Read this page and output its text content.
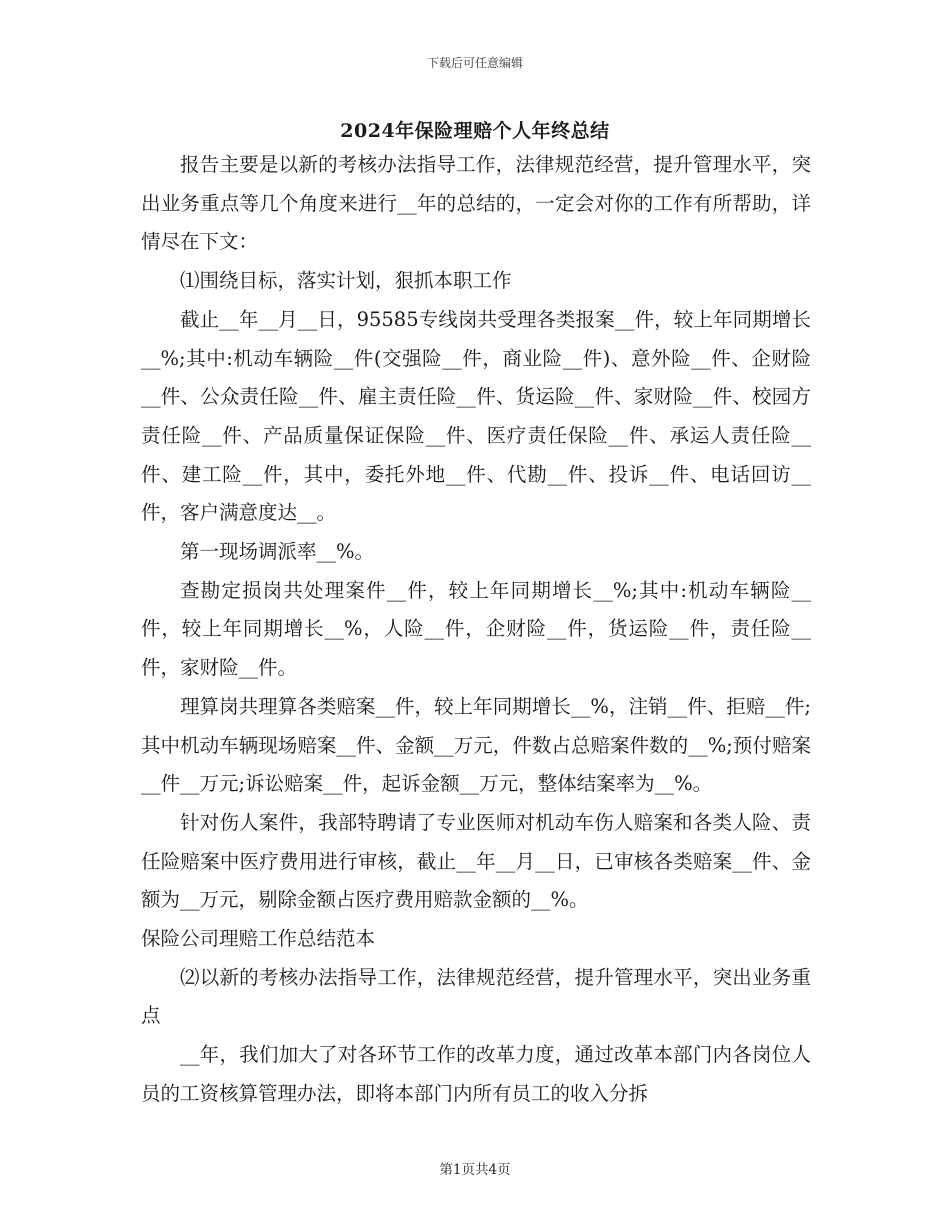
下载后可任意编辑
2024年保险理赔个人年终总结

报告主要是以新的考核办法指导工作，法律规范经营，提升管理水平，突出业务重点等几个角度来进行__年的总结的，一定会对你的工作有所帮助，详情尽在下文：

⑴围绕目标，落实计划，狠抓本职工作

截止__年__月__日，95585专线岗共受理各类报案__件，较上年同期增长__%;其中:机动车辆险__件(交强险__件，商业险__件)、意外险__件、企财险__件、公众责任险__件、雇主责任险__件、货运险__件、家财险__件、校园方责任险__件、产品质量保证保险__件、医疗责任保险__件、承运人责任险__件、建工险__件，其中，委托外地__件、代勘__件、投诉__件、电话回访__件，客户满意度达__。

第一现场调派率__%。

查勘定损岗共处理案件__件，较上年同期增长__%;其中:机动车辆险__件，较上年同期增长__%，人险__件，企财险__件，货运险__件，责任险__件，家财险__件。

理算岗共理算各类赔案__件，较上年同期增长__%，注销__件、拒赔__件;其中机动车辆现场赔案__件、金额__万元，件数占总赔案件数的__%;预付赔案__件__万元;诉讼赔案__件，起诉金额__万元，整体结案率为__%。

针对伤人案件，我部特聘请了专业医师对机动车伤人赔案和各类人险、责任险赔案中医疗费用进行审核，截止__年__月__日，已审核各类赔案__件、金额为__万元，剔除金额占医疗费用赔款金额的__%。

保险公司理赔工作总结范本

⑵以新的考核办法指导工作，法律规范经营，提升管理水平，突出业务重点

__年，我们加大了对各环节工作的改革力度，通过改革本部门内各岗位人员的工资核算管理办法，即将本部门内所有员工的收入分拆

第1页共4页
